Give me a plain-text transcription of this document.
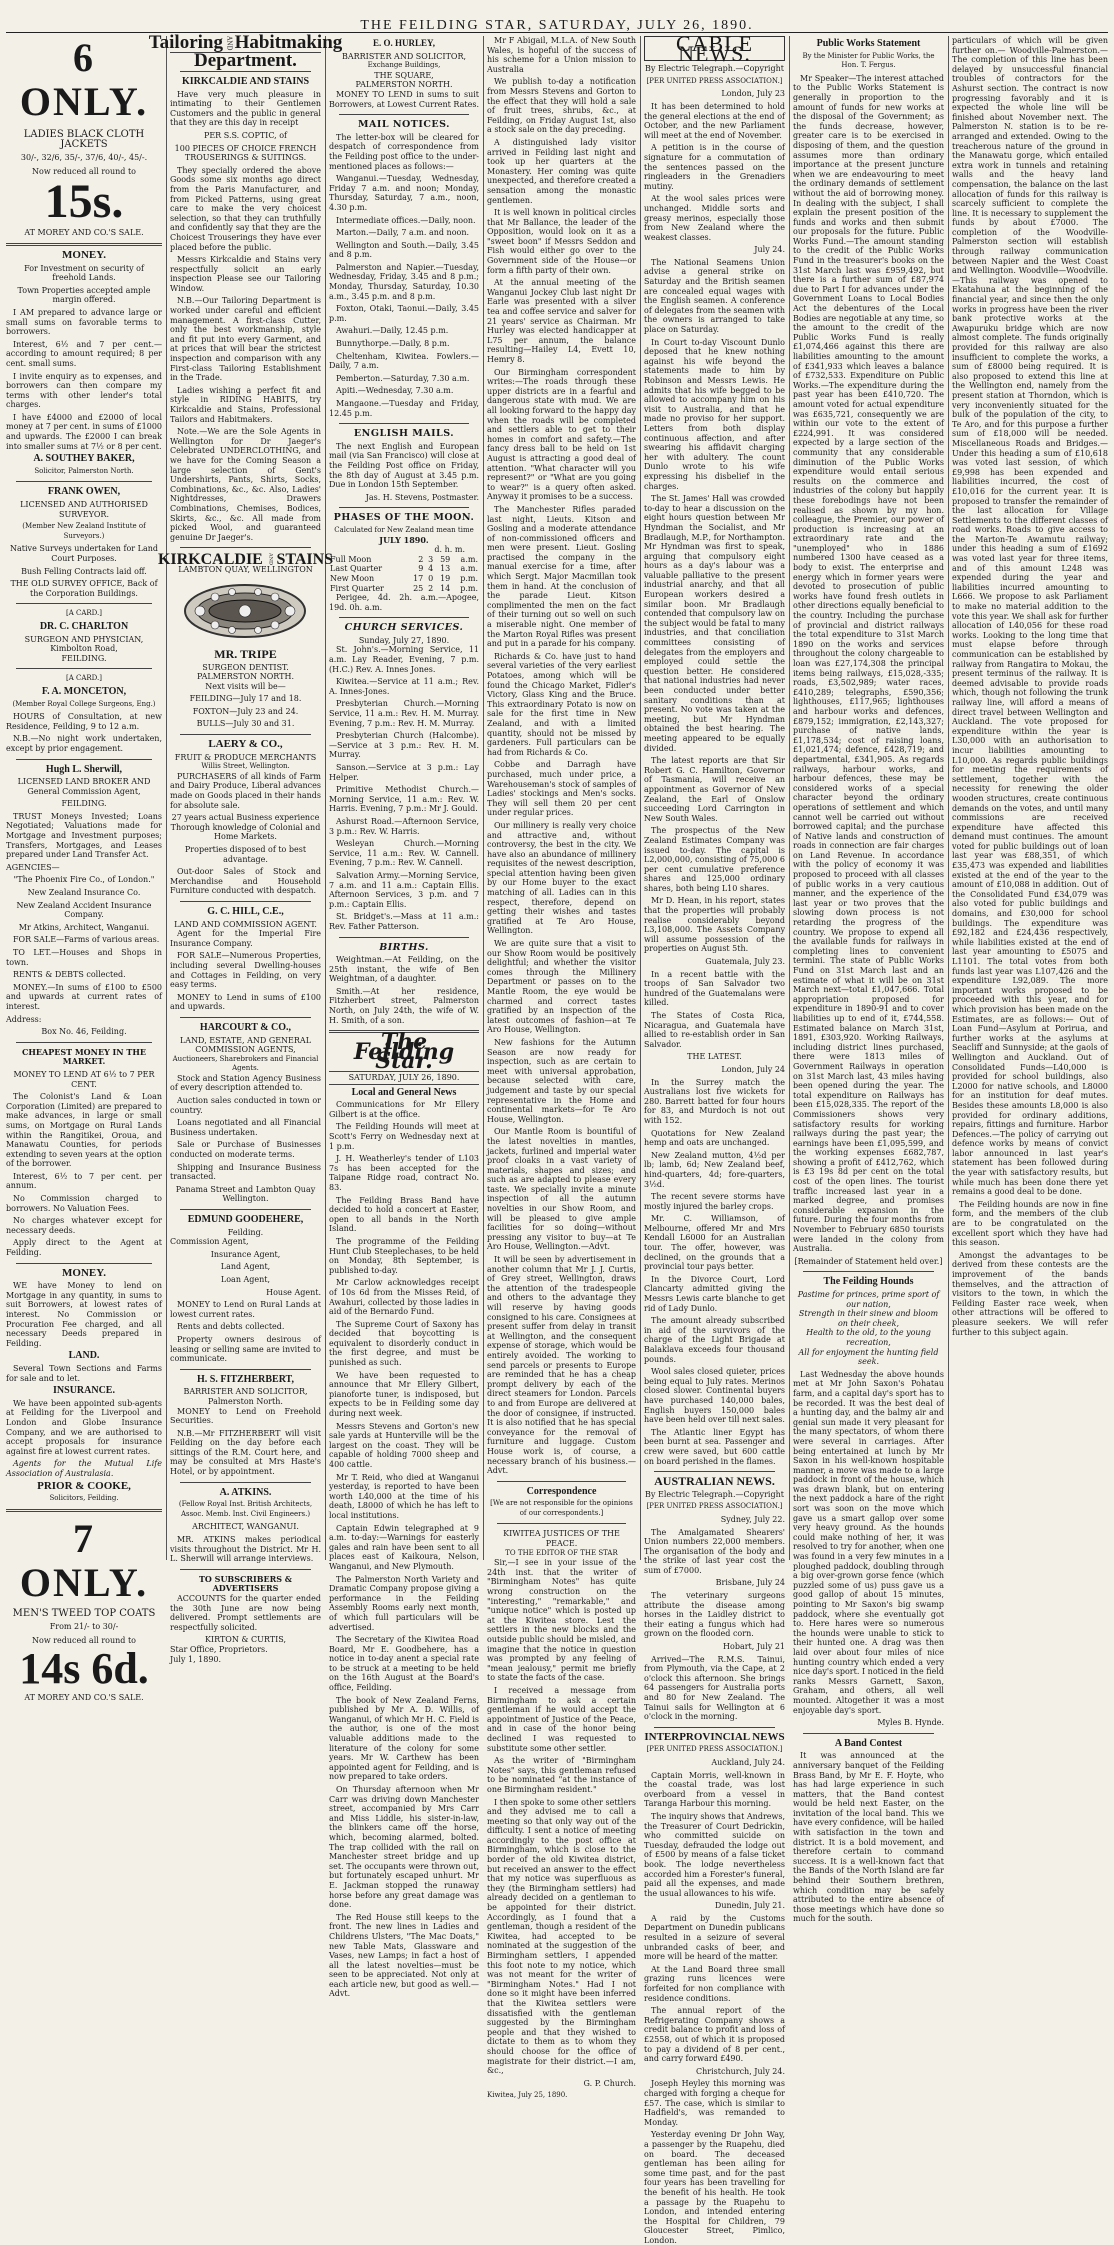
THE FEILDING STAR, SATURDAY, JULY 26, 1890.
6 ONLY.
LADIES BLACK CLOTH
JACKETS
30/-, 32/6, 35/-, 37/6, 40/-, 45/-.
Now reduced all round to
15s.
AT MOREY AND CO.'S SALE.
MONEY.

For Investment on security of freehold Lands.

Town Properties accepted ample margin offered.

I AM prepared to advance large or small sums on favorable terms to borrowers.

Interest, 6½ and 7 per cent.—according to amount required; 8 per cent. small sums.

I invite enquiry as to expenses, and borrowers can then compare my terms with other lender's total charges.

I have £4000 and £2000 of local money at 7 per cent. in sums of £1000 and upwards. The £2000 I can break into smaller sums at 7½ or 8 per cent.

A. SOUTHEY BAKER,
Solicitor, Palmerston North.
FRANK OWEN,

LICENSED AND AUTHORISED SURVEYOR.

(Member New Zealand Institute of Surveyors.)

Native Surveys undertaken for Land Court Purposes.

Bush Felling Contracts laid off.

THE OLD SURVEY OFFICE, Back of the Corporation Buildings.

[A CARD.]
DR. C. CHARLTON
SURGEON AND PHYSICIAN,
Kimbolton Road,
FEILDING.
[A CARD.]
F. A. MONCETON,

(Member Royal College Surgeons, Eng.)

HOURS of Consultation, at new Residence, Feilding, 9 to 12 a.m.

N.B.—No night work undertaken, except by prior engagement.

Hugh L. Sherwill,

LICENSED LAND BROKER AND General Commission Agent,

FEILDING.

TRUST Moneys Invested; Loans Negotiated; Valuations made for Mortgage and Investment purposes; Transfers, Mortgages, and Leases prepared under Land Transfer Act.

AGENCIES—

"The Phoenix Fire Co., of London."

New Zealand Insurance Co.

New Zealand Accident Insurance Company.

Mr Atkins, Architect, Wanganui.

FOR SALE—Farms of various areas.

TO LET.—Houses and Shops in town.

RENTS & DEBTS collected.

MONEY.—In sums of £100 to £500 and upwards at current rates of interest.

Address:

Box No. 46, Feilding.

CHEAPEST MONEY IN THE MARKET.

MONEY TO LEND AT 6½ to 7 PER CENT.

The Colonist's Land & Loan Corporation (Limited) are prepared to make advances, in large or small sums, on Mortgage on Rural Lands within the Rangitikei, Oroua, and Manawatu Counties, for periods extending to seven years at the option of the borrower.

Interest, 6½ to 7 per cent. per annum.

No Commission charged to borrowers. No Valuation Fees.

No charges whatever except for necessary deeds.

Apply direct to the Agent at Feilding.

MONEY.

WE have Money to lend on Mortgage in any quantity, in sums to suit Borrowers, at lowest rates of interest. No Commission or Procuration Fee charged, and all necessary Deeds prepared in Feilding.

LAND.

Several Town Sections and Farms for sale and to let.

INSURANCE.

We have been appointed sub-agents at Feilding for the Liverpool and London and Globe Insurance Company, and we are authorised to accept proposals for insurance against fire at lowest current rates.

Agents for the Mutual Life Association of Australasia.

PRIOR & COOKE,
Solicitors, Feilding.
7 ONLY.
MEN'S TWEED TOP COATS
From 21/- to 30/-
Now reduced all round to
14s 6d.
AT MOREY AND CO.'S SALE.
Tailoring AND Habitmaking
Department.
KIRKCALDIE AND STAINS

Have very much pleasure in intimating to their Gentlemen Customers and the public in general that they are this day in receipt

PER S.S. COPTIC, of

100 PIECES OF CHOICE FRENCH TROUSERINGS & SUITINGS.

They specially ordered the above Goods some six months ago direct from the Paris Manufacturer, and from Picked Patterns, using great care to make the very choicest selection, so that they can truthfully and confidently say that they are the Choicest Trouserings they have ever placed before the public.

Messrs Kirkcaldie and Stains very respectfully solicit an early inspection Please see our Tailoring Window.

N.B.—Our Tailoring Department is worked under careful and efficient management. A first-class Cutter, only the best workmanship, style and fit put into every Garment, and at prices that will bear the strictest inspection and comparison with any First-class Tailoring Establishment in the Trade.

Ladies wishing a perfect fit and style in RIDING HABITS, try Kirkcaldie and Stains, Professional Tailors and Habitmakers.

Note.—We are the Sole Agents in Wellington for Dr Jaeger's Celebrated UNDERCLOTHING, and we have for the Coming Season a large selection of Gent's Undershirts, Pants, Shirts, Socks, Combinations, &c., &c. Also, Ladies' Nightdresses, Drawers Combinations, Chemises, Bodices, Skirts, &c., &c. All made from picked Wool, and guaranteed genuine Dr Jaeger's.

KIRKCALDIE AND STAINS
LAMBTON QUAY, WELLINGTON
MR. TRIPE
SURGEON DENTIST.
PALMERSTON NORTH.

Next visits will be—

FEILDING—July 17 and 18.

FOXTON—July 23 and 24.

BULLS—July 30 and 31.

LAERY & CO.,
FRUIT & PRODUCE MERCHANTS
Willis Street, Wellington.

PURCHASERS of all kinds of Farm and Dairy Produce, Liberal advances made on Goods placed in their hands for absolute sale.

27 years actual Business experience Thorough knowledge of Colonial and Home Markets.

Properties disposed of to best advantage.

Out-door Sales of Stock and Merchandise and Household Furniture conducted with despatch.

G. C. HILL, C.E.,
LAND AND COMMISSION AGENT.

Agent for the Imperial Fire Insurance Company.

FOR SALE—Numerous Properties, including several Dwelling-houses and Cottages in Feilding, on very easy terms.

MONEY to Lend in sums of £100 and upwards.

HARCOURT & CO.,
LAND, ESTATE, AND GENERAL COMMISSION AGENTS,
Auctioneers, Sharebrokers and Financial Agents.

Stock and Station Agency Business of every description attended to.

Auction sales conducted in town or country.

Loans negotiated and all Financial Business undertaken.

Sale or Purchase of Businesses conducted on moderate terms.

Shipping and Insurance Business transacted.

Panama Street and Lambton Quay Wellington.

EDMUND GOODEHERE,
Feilding.

Commission Agent,

Insurance Agent,

Land Agent,

Loan Agent,

House Agent.

MONEY to Lend on Rural Lands at lowest current rates.

Rents and debts collected.

Property owners desirous of leasing or selling same are invited to communicate.

H. S. FITZHERBERT,
BARRISTER AND SOLICITOR,
Palmerston North.

MONEY to Lend on Freehold Securities.

N.B.—Mr FITZHERBERT will visit Feilding on the day before each sittings of the R.M. Court here, and may be consulted at Mrs Haste's Hotel, or by appointment.

A. ATKINS.

(Fellow Royal Inst. British Architects, Assoc. Memb. Inst. Civil Engineers.)

ARCHITECT, WANGANUI.

MR. ATKINS makes periodical visits throughout the District. Mr H. L. Sherwill will arrange interviews.

TO SUBSCRIBERS & ADVERTISERS

ACCOUNTS for the quarter ended the 30th June are now being delivered. Prompt settlements are respectfully solicited.

KIRTON & CURTIS,
Star Office, Proprietors.
July 1, 1890.
E. O. HURLEY,
BARRISTER AND SOLICITOR,
Exchange Buildings,
THE SQUARE,
PALMERSTON NORTH.

MONEY TO LEND in sums to suit Borrowers, at Lowest Current Rates.

MAIL NOTICES.

The letter-box will be cleared for despatch of correspondence from the Feilding post office to the under-mentioned places as follows:—

Wanganui.—Tuesday, Wednesday, Friday 7 a.m. and noon; Monday, Thursday, Saturday, 7 a.m., noon, 4.30 p.m.

Intermediate offices.—Daily, noon.

Marton.—Daily, 7 a.m. and noon.

Wellington and South.—Daily, 3.45 and 8 p.m.

Palmerston and Napier.—Tuesday, Wednesday, Friday, 3.45 and 8 p.m.; Monday, Thursday, Saturday, 10.30 a.m., 3.45 p.m. and 8 p.m.

Foxton, Otaki, Taonui.—Daily, 3.45 p.m.

Awahuri.—Daily, 12.45 p.m.

Bunnythorpe.—Daily, 8 p.m.

Cheltenham, Kiwitea. Fowlers.—Daily, 7 a.m.

Pemberton.—Saturday, 7.30 a.m.

Apiti.—Wednesday, 7.30 a.m.

Mangaone.—Tuesday and Friday, 12.45 p.m.

ENGLISH MAILS.

The next English and European mail (via San Francisco) will close at the Feilding Post office on Friday, the 8th day of August at 3.45 p.m. Due in London 15th September.

Jas. H. Stevens, Postmaster.

PHASES OF THE MOON.
Calculated for New Zealand mean time
JULY 1890.
d. h. m.
Full Moon	2	3	59	a.m.
Last Quarter	9	4	13	a.m.
New Moon	17	0	19	p.m.
First Quarter	25	2	14	p.m.

Perigee, 4d. 2h. a.m.—Apogee, 19d. 0h. a.m.

CHURCH SERVICES.
Sunday, July 27, 1890.

St. John's.—Morning Service, 11 a.m. Lay Reader, Evening, 7 p.m. (H.C.) Rev. A. Innes Jones.

Kiwitea.—Service at 11 a.m.; Rev. A. Innes-Jones.

Presbyterian Church.—Morning Service, 11 a.m.: Rev. H. M. Murray. Evening, 7 p.m.: Rev. H. M. Murray.

Presbyterian Church (Halcombe).—Service at 3 p.m.: Rev. H. M. Murray.

Sanson.—Service at 3 p.m.: Lay Helper.

Primitive Methodist Church.—Morning Service, 11 a.m.: Rev. W. Harris. Evening, 7 p.m.: Mr J. Gould.

Ashurst Road.—Afternoon Service, 3 p.m.: Rev. W. Harris.

Wesleyan Church.—Morning Service, 11 a.m.: Rev. W. Cannell. Evening, 7 p.m.: Rev. W. Cannell.

Salvation Army.—Morning Service, 7 a.m. and 11 a.m.: Captain Ellis. Afternoon Services, 3 p.m. and 7 p.m.: Captain Ellis.

St. Bridget's.—Mass at 11 a.m.: Rev. Father Patterson.

BIRTHS.

Weightman.—At Feilding, on the 25th instant, the wife of Ben Weightman, of a daughter.

Smith.—At her residence, Fitzherbert street, Palmerston North, on July 24th, the wife of W. H. Smith, of a son.

The Feilding Star.
SATURDAY, JULY 26, 1890.
Local and General News

Communications for Mr Ellery Gilbert is at the office.

The Feilding Hounds will meet at Scott's Ferry on Wednesday next at 1 p.m.

J. H. Weatherley's tender of L103 7s has been accepted for the Taipane Ridge road, contract No. 83.

The Feilding Brass Band have decided to hold a concert at Easter, open to all bands in the North Island.

The programme of the Feilding Hunt Club Steeplechases, to be held on Monday, 8th September, is published to-day.

Mr Carlow acknowledges receipt of 10s 6d from the Misses Reid, of Awahuri, collected by those ladies in aid of the Bernardo Fund.

The Supreme Court of Saxony has decided that boycotting is equivalent to disorderly conduct in the first degree, and must be punished as such.

We have been requested to announce that Mr Ellery Gilbert, pianoforte tuner, is indisposed, but expects to be in Feilding some day during next week.

Messrs Stevens and Gorton's new sale yards at Hunterville will be the largest on the coast. They will be capable of holding 7000 sheep and 400 cattle.

Mr T. Reid, who died at Wanganui yesterday, is reported to have been worth L40,000 at the time of his death, L8000 of which he has left to local institutions.

Captain Edwin telegraphed at 9 a.m. to-day:—Warnings for easterly gales and rain have been sent to all places east of Kaikoura, Nelson, Wanganui, and New Plymouth.

The Palmerston North Variety and Dramatic Company propose giving a performance in the Feilding Assembly Rooms early next month, of which full particulars will be advertised.

The Secretary of the Kiwitea Road Board, Mr E. Goodbehere, has a notice in to-day anent a special rate to be struck at a meeting to be held on the 16th August at the Board's office, Feilding.

The book of New Zealand Ferns, published by Mr A. D. Willis, of Wanganui, of which Mr H. C. Field is the author, is one of the most valuable additions made to the literature of the colony for some years. Mr W. Carthew has been appointed agent for Feilding, and is now prepared to take orders.

On Thursday afternoon when Mr Carr was driving down Manchester street, accompanied by Mrs Carr and Miss Liddle, his sister-in-law, the blinkers came off the horse, which, becoming alarmed, bolted. The trap collided with the rail on Manchester street bridge and up set. The occupants were thrown out, but fortunately escaped unhurt. Mr E. Jackman stopped the runaway horse before any great damage was done.

The Red House still keeps to the front. The new lines in Ladies and Childrens Ulsters, "The Mac Doats," new Table Mats, Glassware and Vases, new Lamps; in fact a host of all the latest novelties—must be seen to be appreciated. Not only at each article new, but good as well.—Advt.

Mr F Abigail, M.L.A. of New South Wales, is hopeful of the success of his scheme for a Union mission to Australia

We publish to-day a notification from Messrs Stevens and Gorton to the effect that they will hold a sale of fruit trees, shrubs, &c., at Feilding, on Friday August 1st, also a stock sale on the day preceding.

A distinguished lady visitor arrived in Feilding last night and took up her quarters at the Monastery. Her coming was quite unexpected, and therefore created a sensation among the monastic gentlemen.

It is well known in political circles that Mr Ballance, the leader of the Opposition, would look on it as a "sweet boon" if Messrs Seddon and Fish would either go over to the Government side of the House—or form a fifth party of their own.

At the annual meeting of the Wanganui Jockey Club last night Dr Earle was presented with a silver tea and coffee service and salver for 21 years' service as Chairman. Mr Hurley was elected handicapper at L75 per annum, the balance resulting—Hailey L4, Evett 10, Hemry 8.

Our Birmingham correspondent writes:—The roads through these upper districts are in a fearful and dangerous state with mud. We are all looking forward to the happy day when the roads will be completed and settlers able to get to their homes in comfort and safety.—The fancy dress ball to be held on 1st August is attracting a good deal of attention. "What character will you represent?" or "What are you going to wear?" is a query often asked. Anyway it promises to be a success.

The Manchester Rifles paraded last night, Lieuts. Kitson and Gosling and a moderate attendance of non-commissioned officers and men were present. Lieut. Gosling practised the company in the manual exercise for a time, after which Sergt. Major Macmillan took them in hand. At the conclusion of the parade Lieut. Kitson complimented the men on the fact of their turning out so well on such a miserable night. One member of the Marton Royal Rifles was present and put in a parade for his company.

Richards & Co. have just to hand several varieties of the very earliest Potatoes, among which will be found the Chicago Market, Fidler's Victory, Glass King and the Bruce. This extraordinary Potato is now on sale for the first time in New Zealand, and with a limited quantity, should not be missed by gardeners. Full particulars can be had from Richards & Co.

Cobbe and Darragh have purchased, much under price, a Warehouseman's stock of samples of Ladies' stockings and Men's socks. They will sell them 20 per cent under regular prices.

Our millinery is really very choice and attractive and, without controversy, the best in the city. We have also an abundance of millinery requisites of the newest description, special attention having been given by our Home buyer to the exact matching of all. Ladies can in this respect, therefore, depend on getting their wishes and tastes gratified at Te Aro House, Wellington.

We are quite sure that a visit to our Show Room would be positively delightful; and whether the visitor comes through the Millinery Department or passes on to the Mantle Room, the eye would be charmed and correct tastes gratified by an inspection of the latest outcomes of fashion—at Te Aro House, Wellington.

New fashions for the Autumn Season are now ready for inspection, such as are certain to meet with universal approbation, because selected with care, judgement and taste by our special representative in the Home and continental markets—for Te Aro House, Wellington.

Our Mantle Room is bountiful of the latest novelties in mantles, jackets, furlined and imperial water proof cloaks in a vast variety of materials, shapes and sizes; and such as are adapted to please every taste. We specially invite a minute inspection of all the autumn novelties in our Show Room, and will be pleased to give ample facilities for so doing—without pressing any visitor to buy—at Te Aro House, Wellington.—Advt.

It will be seen by advertisement in another column that Mr J. J. Curtis, of Grey street, Wellington, draws the attention of the tradespeople and others to the advantage they will reserve by having goods consigned to his care. Consignees at present suffer from delay in transit at Wellington, and the consequent expense of storage, which would be entirely avoided. The working to send parcels or presents to Europe are reminded that he has a cheap prompt delivery by each of the direct steamers for London. Parcels to and from Europe are delivered at the door of consignee, if instructed. It is also notified that he has special conveyance for the removal of furniture and luggage. Custom House work is, of course, a necessary branch of his business.—Advt.

Correspondence

[We are not responsible for the opinions of our correspondents.]

KIWITEA JUSTICES OF THE PEACE.
TO THE EDITOR OF THE STAR

Sir,—I see in your issue of the 24th inst. that the writer of "Birmingham Notes" has quite wrong construction on the "interesting," "remarkable," and "unique notice" which is posted up at the Kiwitea store. Lest the settlers in the new blocks and the outside public should be misled, and imagine that the notice in question was prompted by any feeling of "mean jealousy," permit me briefly to state the facts of the case.

I received a message from Birmingham to ask a certain gentleman if he would accept the appointment of Justice of the Peace, and in case of the honor being declined I was requested to substitute some other settler.

As the writer of "Birmingham Notes" says, this gentleman refused to be nominated "at the instance of one Birmingham resident."

I then spoke to some other settlers and they advised me to call a meeting so that only way out of the difficulty. I sent a notice of meeting accordingly to the post office at Birmingham, which is close to the border of the old Kiwitea district, but received an answer to the effect that my notice was superfluous as they (the Birmingham settlers) had already decided on a gentleman to be appointed for their district. Accordingly, as I found that a gentleman, though a resident of the Kiwitea, had accepted to be nominated at the suggestion of the Birmingham settlers, I appended this foot note to my notice, which was not meant for the writer of "Birmingham Notes." Had I not done so it might have been inferred that the Kiwitea settlers were dissatisfied with the gentleman suggested by the Birmingham people and that they wished to dictate to them as to whom they should choose for the office of magistrate for their district.—I am, &c.,

G. P. Church.

Kiwitea, July 25, 1890.

CABLE NEWS.

By Electric Telegraph.—Copyright

[PER UNITED PRESS ASSOCIATION.]

London, July 23

It has been determined to hold the general elections at the end of October, and the new Parliament will meet at the end of November.

A petition is in the course of signature for a commutation of the sentences passed on the ringleaders in the Grenadiers mutiny.

At the wool sales prices were unchanged. Middle sorts and greasy merinos, especially those from New Zealand where the weakest classes.

July 24.

The National Seamens Union advise a general strike on Saturday and the British seamen are concealed equal wages with the English seamen. A conference of delegates from the seamen with the owners is arranged to take place on Saturday.

In Court to-day Viscount Dunlo deposed that he knew nothing against his wife beyond the statements made to him by Robinson and Messrs Lewis. He admits that his wife begged to be allowed to accompany him on his visit to Australia, and that he made no proviso for her support. Letters from both display continuous affection, and after swearing his affidavit charging her with adultery. The count Dunlo wrote to his wife expressing his disbelief in the charges.

The St. James' Hall was crowded to-day to hear a discussion on the eight hours question between Mr Hyndman the Socialist, and Mr Bradlaugh, M.P., for Northampton. Mr Hyndman was first to speak, arguing that compulsory eight hours as a day's labour was a valuable palliative to the present industrial anarchy, and that all European workers desired a similar boon. Mr Bradlaugh contended that compulsory law on the subject would be fatal to many industries, and that conciliation committees consisting of delegates from the employers and employed could settle the question better. He considered that national industries had never been conducted under better sanitary conditions than at present. No vote was taken at the meeting, but Mr Hyndman obtained the best hearing. The meeting appeared to be equally divided.

The latest reports are that Sir Robert G. C. Hamilton, Governor of Tasmania, will receive an appointment as Governor of New Zealand, the Earl of Onslow succeeding Lord Carrington in New South Wales.

The prospectus of the New Zealand Estimates Company was issued to-day. The capital is L2,000,000, consisting of 75,000 6 per cent cumulative preference shares and 125,000 ordinary shares, both being L10 shares.

Mr D. Hean, in his report, states that the properties will probably realise considerably beyond L3,108,000. The Assets Company will assume possession of the properties on August 5th.

Guatemala, July 23.

In a recent battle with the troops of San Salvador two hundred of the Guatemalans were killed.

The States of Costa Rica, Nicaragua, and Guatemala have allied to re-establish order in San Salvador.

THE LATEST.

London, July 24

In the Surrey match the Australians lost five wickets for 280. Barrett batted for four hours for 83, and Murdoch is not out with 152.

Quotations for New Zealand hemp and oats are unchanged.

New Zealand mutton, 4½d per lb; lamb, 6d; New Zealand beef, hind-quarters, 4d; fore-quarters, 3½d.

The recent severe storms have mostly injured the barley crops.

Mr. C. Williamson, of Melbourne, offered Mr and Mrs Kendall L6000 for an Australian tour. The offer, however, was declined, on the grounds that a provincial tour pays better.

In the Divorce Court, Lord Clancarty admitted giving the Messrs Lewis carte blanche to get rid of Lady Dunlo.

The amount already subscribed in aid of the survivors of the charge of the Light Brigade at Balaklava exceeds four thousand pounds.

Wool sales closed quieter, prices being equal to July rates. Merinos closed slower. Continental buyers have purchased 140,000 bales, English buyers 150,000 bales have been held over till next sales.

The Atlantic liner Egypt has been burnt at sea. Passenger and crew were saved, but 600 cattle on board perished in the flames.

AUSTRALIAN NEWS.

By Electric Telegraph.—Copyright

[PER UNITED PRESS ASSOCIATION.]

Sydney, July 22.

The Amalgamated Shearers' Union numbers 22,000 members. The organisation of the body and the strike of last year cost the sum of £7000.

Brisbane, July 24

The veterinary surgeons attribute the disease among horses in the Laidley district to their eating a fungus which had grown on the flooded corn.

Hobart, July 21

Arrived—The R.M.S. Tainui, from Plymouth, via the Cape, at 2 o'clock this afternoon. She brings 64 passengers for Australia ports and 80 for New Zealand. The Tainui sails for Wellington at 6 o'clock in the morning.

INTERPROVINCIAL NEWS

[PER UNITED PRESS ASSOCIATION.]

Auckland, July 24.

Captain Morris, well-known in the coastal trade, was lost overboard from a vessel in Taranga Harbour this morning.

The inquiry shows that Andrews, the Treasurer of Court Dedrickin, who committed suicide on Tuesday, defrauded the lodge out of £500 by means of a false ticket book. The lodge nevertheless accorded him a Forester's funeral, paid all the expenses, and made the usual allowances to his wife.

Dunedin, July 21.

A raid by the Customs Department on Dunedin publicans resulted in a seizure of several unbranded casks of beer, and more will be heard of the matter.

At the Land Board three small grazing runs licences were forfeited for non compliance with residence conditions.

The annual report of the Refrigerating Company shows a credit balance to profit and loss of £2558, out of which it is proposed to pay a dividend of 8 per cent., and carry forward £490.

Christchurch, July 24.

Joseph Heyley this morning was charged with forging a cheque for £57. The case, which is similar to Hadfield's, was remanded to Monday.

Yesterday evening Dr John Way, a passenger by the Ruapehu, died on board. The deceased gentleman has been ailing for some time past, and for the past four years has been travelling for the benefit of his health. He took a passage by the Ruapehu to London, and intended entering the Hospital for Children, 79 Gloucester Street, Pimlico, London.

Public Works Statement

By the Minister for Public Works, the Hon. T. Fergus.

Mr Speaker—The interest attached to the Public Works Statement is generally in proportion to the amount of funds for new works at the disposal of the Government; as the funds decrease, however, greater care is to be exercised in disposing of them, and the question assumes more than ordinary importance at the present juncture when we are endeavouring to meet the ordinary demands of settlement without the aid of borrowing money. In dealing with the subject, I shall explain the present position of the funds and works and then submit our proposals for the future. Public Works Fund.—The amount standing to the credit of the Public Works Fund in the treasurer's books on the 31st March last was £959,492, but there is a further sum of £87,974 due to Part I for advances under the Government Loans to Local Bodies Act the debentures of the Local Bodies are negotiable at any time, so the amount to the credit of the Public Works Fund is really £1,074,466 against this there are liabilities amounting to the amount of £341,933 which leaves a balance of £732,533. Expenditure on Public Works.—The expenditure during the past year has been £410,720. The amount voted for actual expenditure was £635,721, consequently we are within our vote to the extent of £224,991. It was considered expected by a large section of the community that any considerable diminution of the Public Works expenditure would entail serious results on the commerce and industries of the colony but happily these forebodings have not been realised as shown by my hon. colleague, the Premier, our power of production is increasing at an extraordinary rate and the "unemployed" who in 1886 numbered 1300 have ceased as a body to exist. The enterprise and energy which in former years were devoted to prosecution of public works have found fresh outlets in other directions equally beneficial to the country. Including the purchase of provincial and district railways the total expenditure to 31st March 1890 on the works and services throughout the colony chargeable to loan was £27,174,308 the principal items being railways, £15,028,-335; roads, £3,502,989; water races, £410,289; telegraphs, £590,356; lighthouses, £117,965; lighthouses and harbour works and defences, £879,152; immigration, £2,143,327; purchase of native lands, £1,178,534; cost of raising loans, £1,021,474; defence, £428,719; and departmental, £341,905. As regards railways, harbour works, and harbour defences, these may be considered works of a special character beyond the ordinary operations of settlement and which cannot well be carried out without borrowed capital; and the purchase of Native lands and construction of roads in connection are fair charges on Land Revenue. In accordance with the policy of economy it was proposed to proceed with all classes of public works in a very cautious manner, and the experience of the last year or two proves that the slowing down process is not retarding the progress of the country. We propose to expend all the available funds for railways in completing lines to convenient termini. The state of Public Works Fund on 31st March last and an estimate of what it will be on 31st March next—total £1,047,666. Total appropriation proposed for expenditure in 1890-91 and to cover liabilities up to end of it, £744,558. Estimated balance on March 31st, 1891, £303,920. Working Railways, including district lines purchased, there were 1813 miles of Government Railways in operation on 31st March last, 43 miles having been opened during the year. The total expenditure on Railways has been £15,028,335. The report of the Commissioners shows very satisfactory results for working railways during the past year; the earnings have been £1,095,599, and the working expenses £682,787, showing a profit of £412,762, which is £3 19s 8d per cent on the total cost of the open lines. The tourist traffic increased last year in a marked degree, and promises considerable expansion in the future. During the four months from November to February 6850 tourists were landed in the colony from Australia.

[Remainder of Statement held over.]

The Feilding Hounds
Pastime for princes, prime sport of our nation,
Strength in their sinew and bloom on their cheek,
Health to the old, to the young recreation,
All for enjoyment the hunting field seek.

Last Wednesday the above hounds met at Mr John Saxon's Pohatau farm, and a capital day's sport has to be recorded. It was the best deal of a hunting day, and the balmy air and genial sun made it very pleasant for the many spectators, of whom there were several in carriages. After being entertained at lunch by Mr Saxon in his well-known hospitable manner, a move was made to a large paddock in front of the house, which was drawn blank, but on entering the next paddock a hare of the right sort was soon on the move which gave us a smart gallop over some very heavy ground. As the hounds could make nothing of her, it was resolved to try for another, when one was found in a very few minutes in a ploughed paddock, doubling through a big over-grown gorse fence (which puzzled some of us) puss gave us a good gallop of about 15 minutes, pointing to Mr Saxon's big swamp paddock, where she eventually got to. Here hares were so numerous the hounds were unable to stick to their hunted one. A drag was then laid over about four miles of nice hunting country which ended a very nice day's sport. I noticed in the field ranks Messrs Garnett, Saxon, Graham, and others, all well mounted. Altogether it was a most enjoyable day's sport.

Myles B. Hynde.

A Band Contest

It was announced at the anniversary banquet of the Feilding Brass Band, by Mr E. F. Hoyte, who has had large experience in such matters, that the Band contest would be held next Easter, on the invitation of the local band. This we have every confidence, will be hailed with satisfaction in the town and district. It is a bold movement, and therefore certain to command success. It is a well-known fact that the Bands of the North Island are far behind their Southern brethren, which condition may be safely attributed to the entire absence of those meetings which have done so much for the south.

particulars of which will be given further on.— Woodville-Palmerston.—The completion of this line has been delayed by unsuccessful financial troubles of contractors for the Ashurst section. The contract is now progressing favorably and it is expected the whole line will be finished about November next. The Palmerston N. station is to be re-arranged and extended. Owing to the treacherous nature of the ground in the Manawatu gorge, which entailed extra work in tunnels and retaining walls and the heavy land compensation, the balance on the last allocation of funds for this railway is scarcely sufficient to complete the line. It is necessary to supplement the funds by about £7000. The completion of the Woodville-Palmerston section will establish through railway communication between Napier and the West Coast and Wellington. Woodville—Woodville.—This railway was opened to Ekatahuna at the beginning of the financial year, and since then the only works in progress have been the river bank protective works at the Awapuruku bridge which are now almost complete. The funds originally provided for this railway are also insufficient to complete the works, a sum of £8000 being required. It is also proposed to extend this line at the Wellington end, namely from the present station at Thorndon, which is very inconveniently situated for the bulk of the population of the city, to Te Aro, and for this purpose a further sum of £18,000 will be needed. Miscellaneous Roads and Bridges.—Under this heading a sum of £10,618 was voted last session, of which £9,998 has been expended and liabilities incurred, the cost of £10,016 for the current year. It is proposed to transfer the remainder of the last allocation for Village Settlements to the different classes of road works. Roads to give access to the Marton-Te Awamutu railway; under this heading a sum of £1692 was voted last year for three items, and of this amount L248 was expended during the year and liabilities incurred amounting to L666. We propose to ask Parliament to make no material addition to the vote this year. We shall ask for further allocation of L40,056 for these road works. Looking to the long time that must elapse before through communication can be established by railway from Rangatira to Mokau, the present terminus of the railway. It is deemed advisable to provide roads which, though not following the trunk railway line, will afford a means of direct travel between Wellington and Auckland. The vote proposed for expenditure within the year is L30,000 with an authorisation to incur liabilities amounting to L10,000. As regards public buildings for meeting the requirements of settlement, together with the necessity for renewing the older wooden structures, create continuous demands on the votes, and until many commissions are received expenditure have affected this demand must continues. The amount voted for public buildings out of loan last year was £88,351, of which £35,473 was expended and liabilities existed at the end of the year to the amount of £10,088 in addition. Out of the Consolidated Fund £34,079 was also voted for public buildings and domains, and £30,000 for school buildings. The expenditure was £92,182 and £24,436 respectively, while liabilities existed at the end of last year amounting to £5075 and L1101. The total votes from both funds last year was L107,426 and the expenditure L92,089. The more important works proposed to be proceeded with this year, and for which provision has been made on the Estimates, are as follows:— Out of Loan Fund—Asylum at Porirua, and further works at the asylums at Seacliff and Sunnyside; at the gaols of Wellington and Auckland. Out of Consolidated Funds—L40,000 is provided for school buildings, also L2000 for native schools, and L8000 for an institution for deaf mutes. Besides these amounts L8,000 is also provided for ordinary additions, repairs, fittings and furniture. Harbor Defences.—The policy of carrying out defence works by means of convict labor announced in last year's statement has been followed during the year with satisfactory results, but while much has been done there yet remains a good deal to be done.

The Feilding hounds are now in fine form, and the members of the club are to be congratulated on the excellent sport which they have had this season.

Amongst the advantages to be derived from these contests are the improvement of the bands themselves, and the attraction of visitors to the town, in which the Feilding Easter race week, when other attractions will be offered to pleasure seekers. We will refer further to this subject again.
